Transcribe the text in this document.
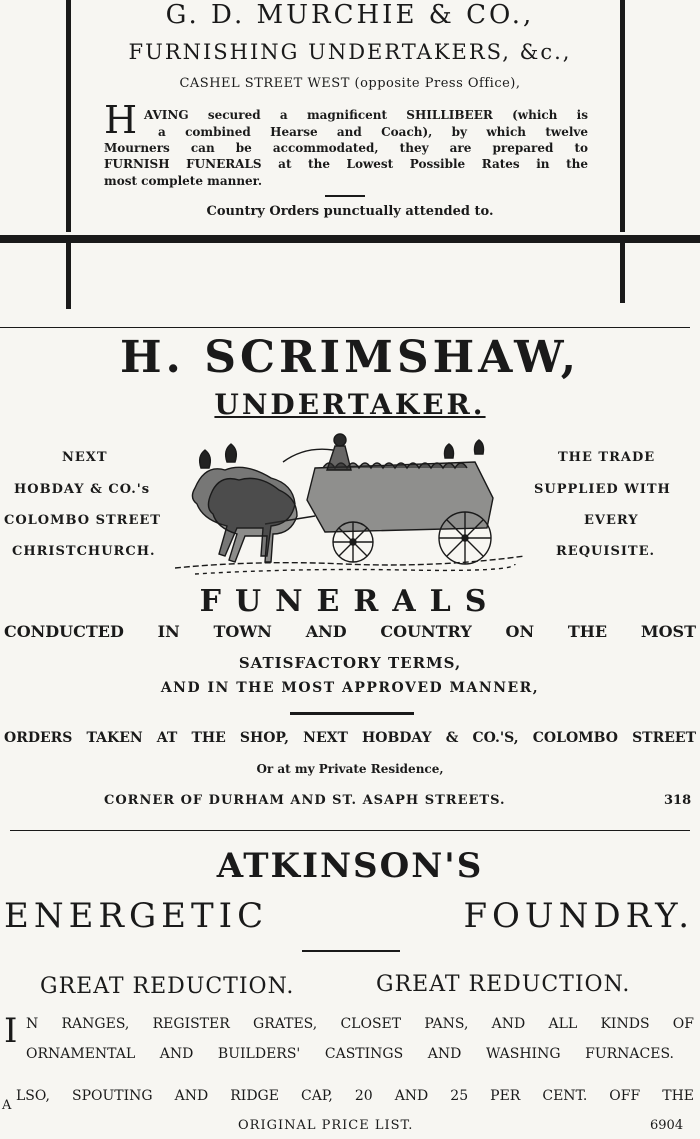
G. D. MURCHIE & CO.,
FURNISHING UNDERTAKERS, &c.,
CASHEL STREET WEST (opposite Press Office),
H AVING secured a magnificent SHILLIBEER (which is
a combined Hearse and Coach), by which twelve
Mourners can be accommodated, they are prepared to
FURNISH FUNERALS at the Lowest Possible Rates in the
most complete manner.
Country Orders punctually attended to.
H. SCRIMSHAW,
UNDERTAKER.
NEXT
HOBDAY & CO.'s
COLOMBO STREET
CHRISTCHURCH.
THE TRADE
SUPPLIED WITH
EVERY
REQUISITE.
FUNERALS
CONDUCTED IN TOWN AND COUNTRY ON THE MOST
SATISFACTORY TERMS,
AND IN THE MOST APPROVED MANNER,
ORDERS TAKEN AT THE SHOP, NEXT HOBDAY & CO.'S, COLOMBO STREET
Or at my Private Residence,
CORNER OF DURHAM AND ST. ASAPH STREETS.	318
ATKINSON'S
ENERGETIC FOUNDRY.
GREAT REDUCTION.	GREAT REDUCTION.
I N RANGES, REGISTER GRATES, CLOSET PANS, AND ALL KINDS OF
ORNAMENTAL AND BUILDERS' CASTINGS AND WASHING FURNACES.
A
LSO, SPOUTING AND RIDGE CAP, 20 AND 25 PER CENT. OFF THE
ORIGINAL PRICE LIST.	6904
